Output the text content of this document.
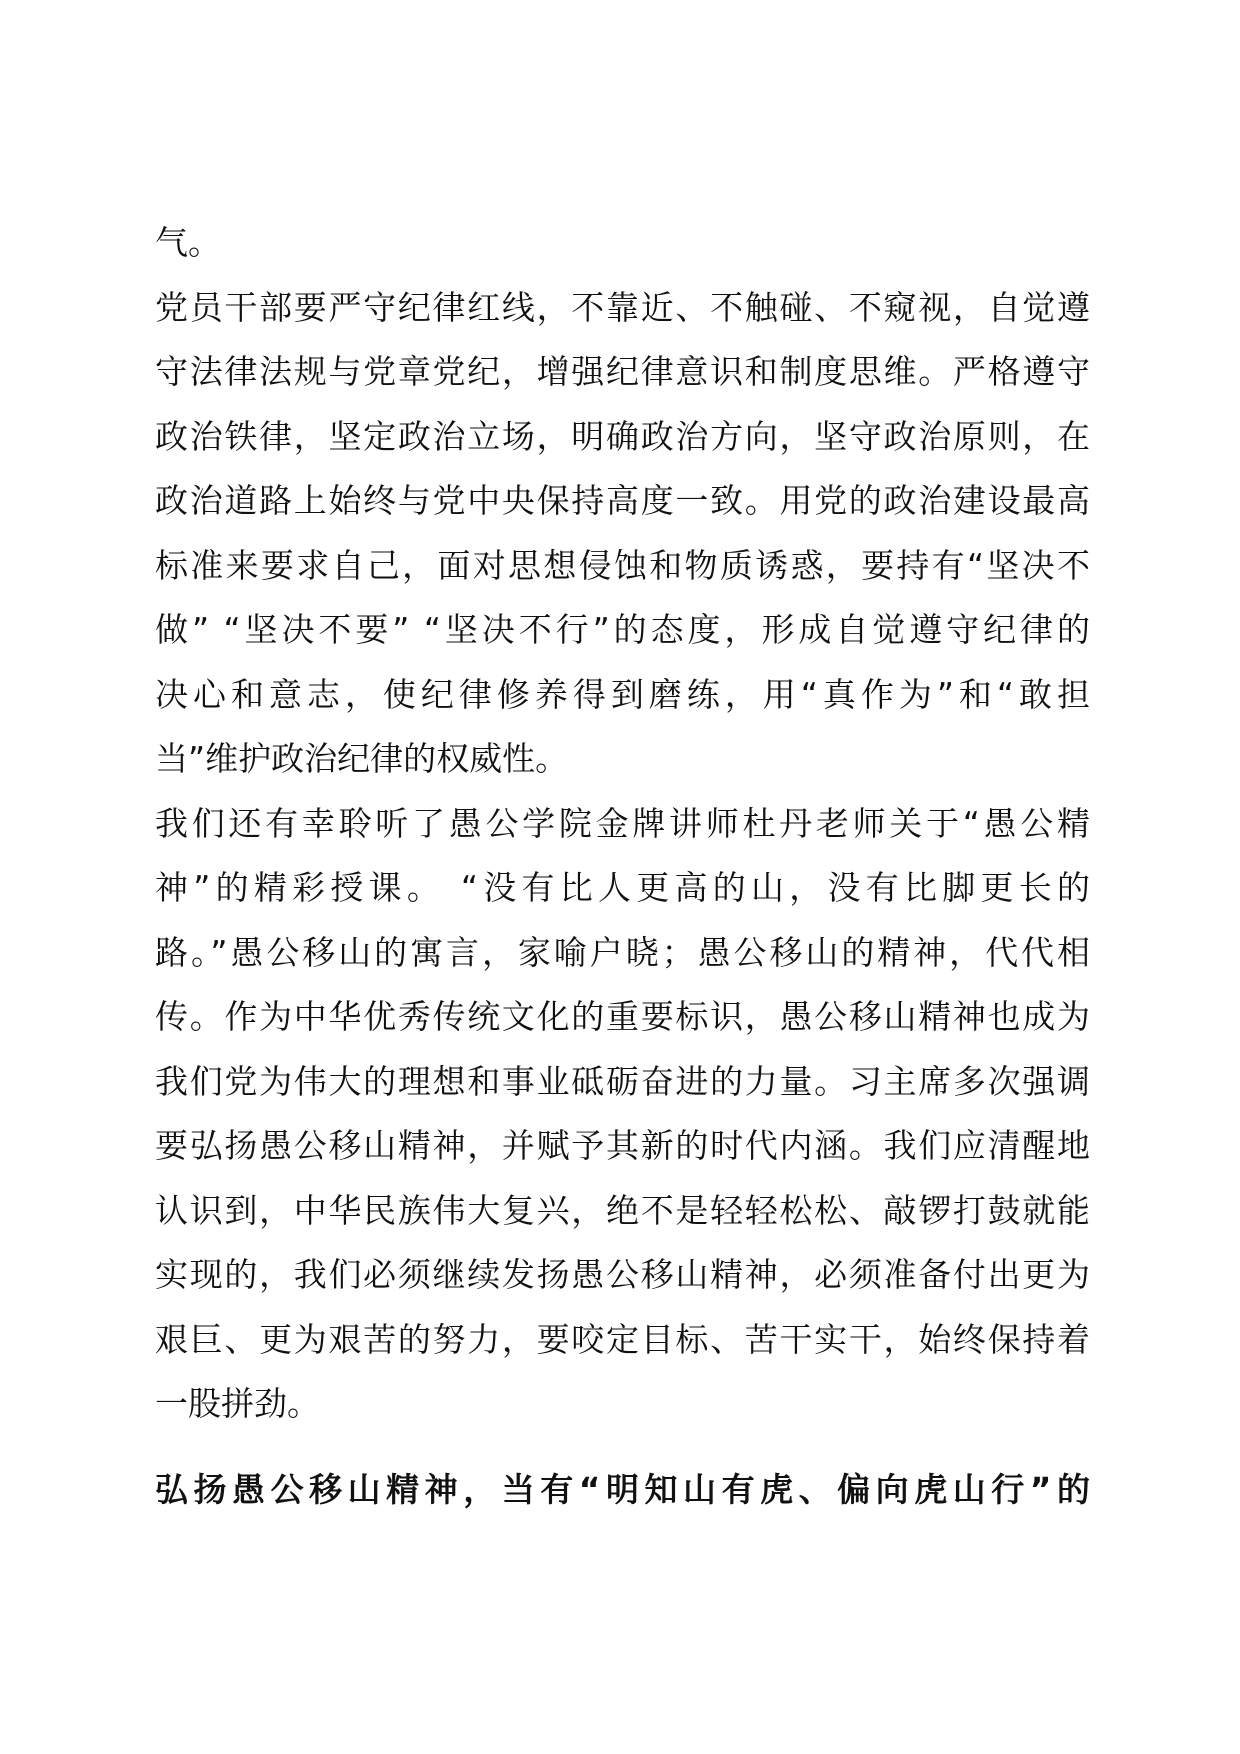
气。
党员干部要严守纪律红线，不靠近、不触碰、不窥视，自觉遵
守法律法规与党章党纪，增强纪律意识和制度思维。严格遵守
政治铁律，坚定政治立场，明确政治方向，坚守政治原则，在
政治道路上始终与党中央保持高度一致。用党的政治建设最高
标准来要求自己，面对思想侵蚀和物质诱惑，要持有“坚决不
做” “坚决不要” “坚决不行”的态度，形成自觉遵守纪律的
决心和意志，使纪律修养得到磨练，用“真作为”和“敢担
当”维护政治纪律的权威性。
我们还有幸聆听了愚公学院金牌讲师杜丹老师关于“愚公精
神”的精彩授课。 “没有比人更高的山，没有比脚更长的
路。”愚公移山的寓言，家喻户晓；愚公移山的精神，代代相
传。作为中华优秀传统文化的重要标识，愚公移山精神也成为
我们党为伟大的理想和事业砥砺奋进的力量。习主席多次强调
要弘扬愚公移山精神，并赋予其新的时代内涵。我们应清醒地
认识到，中华民族伟大复兴，绝不是轻轻松松、敲锣打鼓就能
实现的，我们必须继续发扬愚公移山精神，必须准备付出更为
艰巨、更为艰苦的努力，要咬定目标、苦干实干，始终保持着
一股拼劲。
弘扬愚公移山精神，当有“明知山有虎、偏向虎山行”的
